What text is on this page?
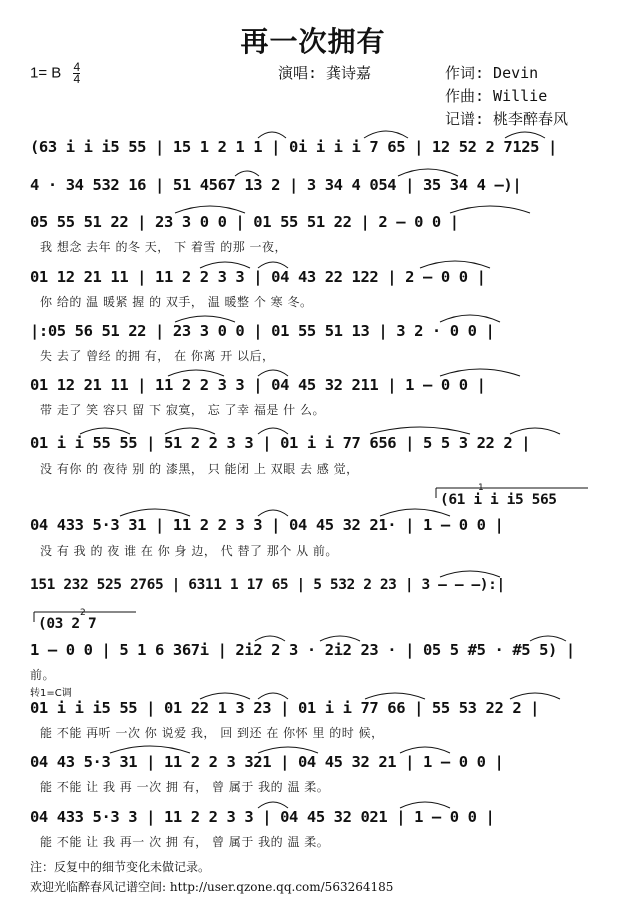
再一次拥有
1= B $\frac{4}{4}$	演唱: 龚诗嘉	作词: Devin
作曲: Willie
记谱: 桃李醉春风
(61 i i i5 565
1
(03 2 7
2
(63 i i i5 55 | 15 1 2 1 1 | 0i i i i 7 65 | 12 52 2 7125 |
4 · 34 532 16 | 51 4567 13 2 | 3 34 4 054 | 35 34 4 –)|
05 55 51 22 | 23 3 0 0 | 01 55 51 22 | 2 – 0 0 |
我 想念 去年 的冬 天， 下 着雪 的那 一夜，
01 12 21 11 | 11 2 2 3 3 | 04 43 22 122 | 2 – 0 0 |
你 给的 温 暖紧 握 的 双手， 温 暖整 个 寒 冬。
|:05 56 51 22 | 23 3 0 0 | 01 55 51 13 | 3 2 · 0 0 |
失 去了 曾经 的拥 有， 在 你离 开 以后，
01 12 21 11 | 11 2 2 3 3 | 04 45 32 211 | 1 – 0 0 |
带 走了 笑 容只 留 下 寂寞， 忘 了幸 福是 什 么。
01 i i 55 55 | 51 2 2 3 3 | 01 i i 77 656 | 5 5 3 22 2 |
没 有你 的 夜待 别 的 漆黑， 只 能闭 上 双眼 去 感 觉，
04 433 5·3 31 | 11 2 2 3 3 | 04 45 32 21· | 1 – 0 0 |
没 有 我 的 夜 谁 在 你 身 边， 代 替了 那个 从 前。
151 232 525 2765 | 6311 1 17 65 | 5 532 2 23 | 3 – – –):|
1 – 0 0 | 5 1 6 367i | 2i2 2 3 · 2i2 23 · | 05 5 #5 · #5 5) |
前。
转1=C调
01 i i i5 55 | 01 22 1 3 23 | 01 i i 77 66 | 55 53 22 2 |
能 不能 再听 一次 你 说爱 我， 回 到还 在 你怀 里 的时 候，
04 43 5·3 31 | 11 2 2 3 321 | 04 45 32 21 | 1 – 0 0 |
能 不能 让 我 再 一次 拥 有， 曾 属于 我的 温 柔。
04 433 5·3 3 | 11 2 2 3 3 | 04 45 32 021 | 1 – 0 0 |
能 不能 让 我 再一 次 拥 有， 曾 属于 我的 温 柔。
注：反复中的细节变化未做记录。
欢迎光临醉春风记谱空间: http://user.qzone.qq.com/563264185
